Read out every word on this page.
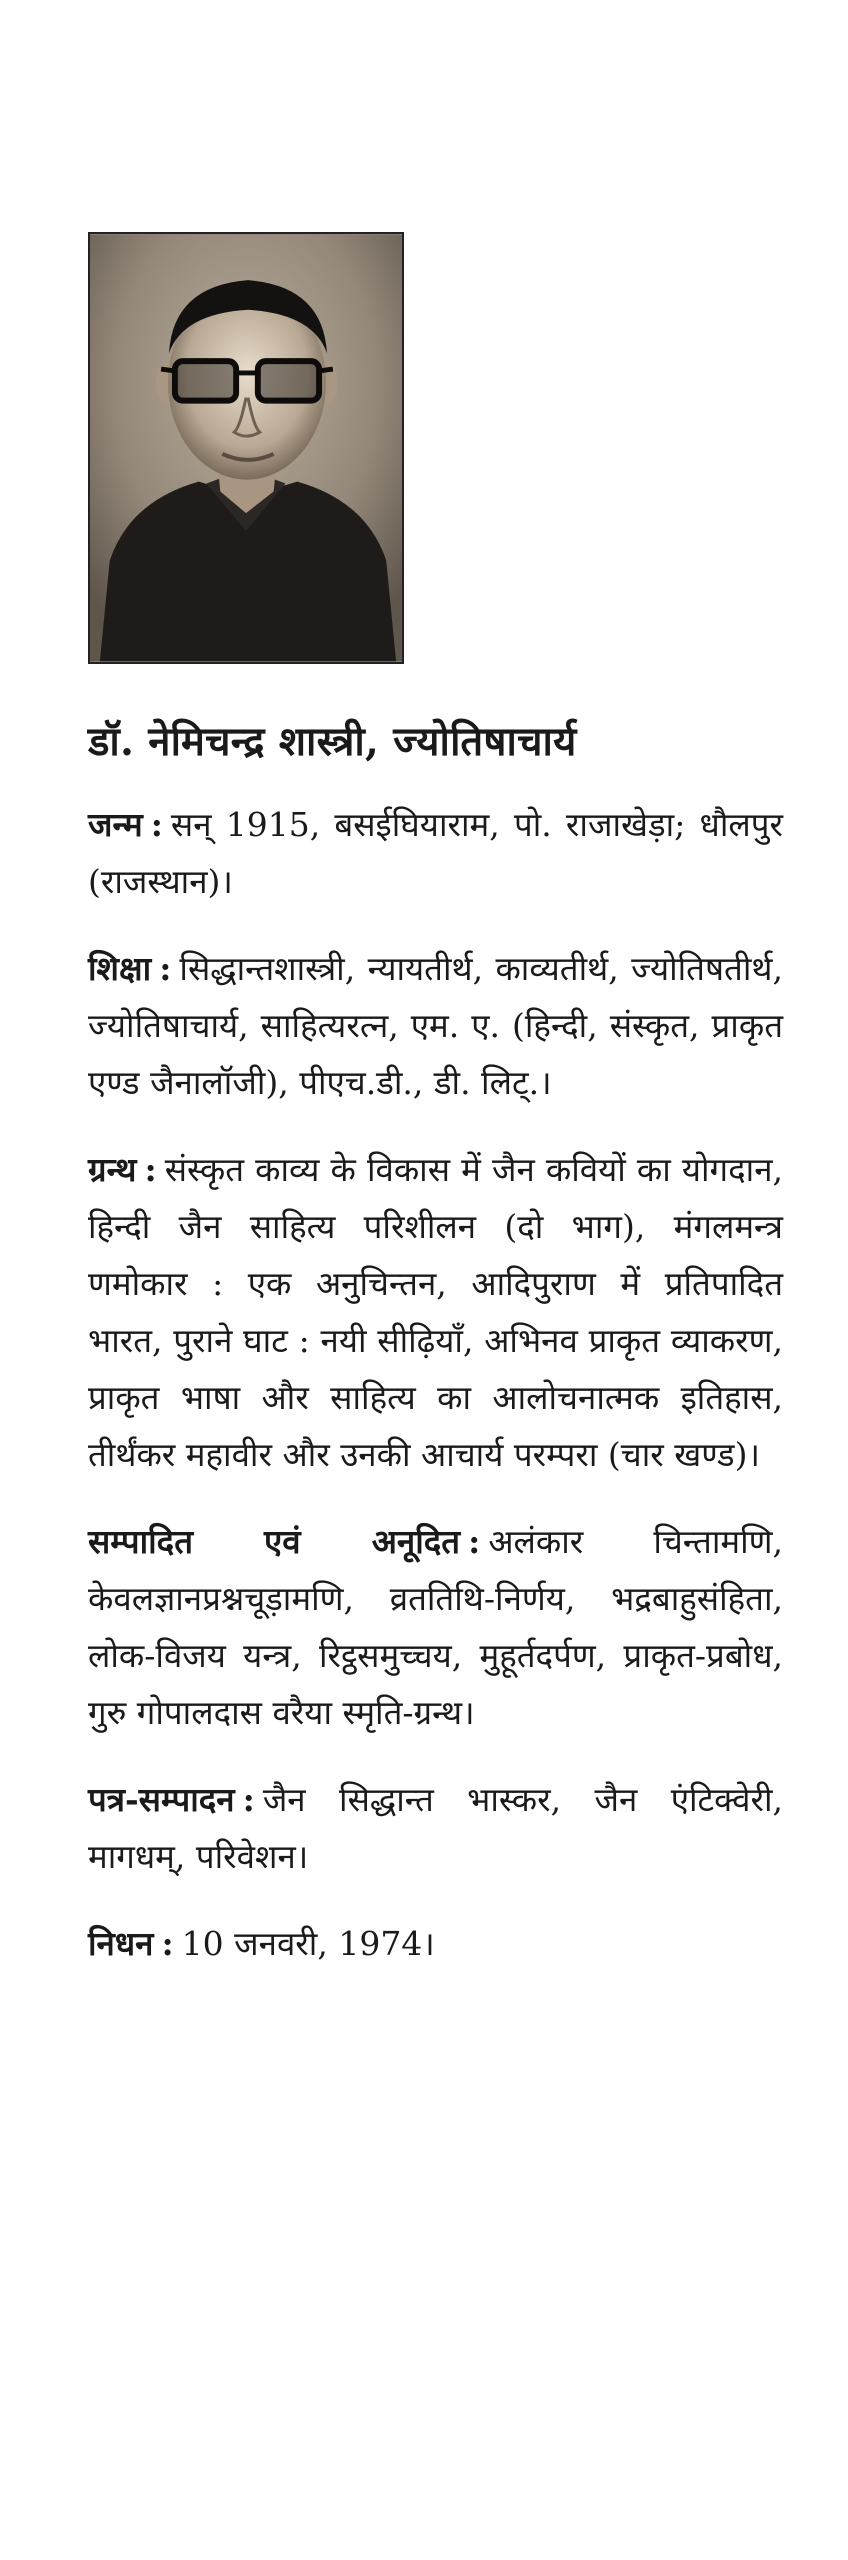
डॉ. नेमिचन्द्र शास्त्री, ज्योतिषाचार्य

जन्म : सन् 1915, बसईघियाराम, पो. राजाखेड़ा; धौलपुर (राजस्थान)।

शिक्षा : सिद्धान्तशास्त्री, न्यायतीर्थ, काव्यतीर्थ, ज्योतिषतीर्थ, ज्योतिषाचार्य, साहित्यरत्न, एम. ए. (हिन्दी, संस्कृत, प्राकृत एण्ड जैनालॉजी), पीएच.डी., डी. लिट्.।

ग्रन्थ : संस्कृत काव्य के विकास में जैन कवियों का योगदान, हिन्दी जैन साहित्य परिशीलन (दो भाग), मंगलमन्त्र णमोकार : एक अनुचिन्तन, आदिपुराण में प्रतिपादित भारत, पुराने घाट : नयी सीढ़ियाँ, अभिनव प्राकृत व्याकरण, प्राकृत भाषा और साहित्य का आलोचनात्मक इतिहास, तीर्थंकर महावीर और उनकी आचार्य परम्परा (चार खण्ड)।

सम्पादित एवं अनूदित : अलंकार चिन्तामणि, केवलज्ञानप्रश्नचूड़ामणि, व्रततिथि-निर्णय, भद्रबाहुसंहिता, लोक-विजय यन्त्र, रिट्ठसमुच्चय, मुहूर्तदर्पण, प्राकृत-प्रबोध, गुरु गोपालदास वरैया स्मृति-ग्रन्थ।

पत्र-सम्पादन : जैन सिद्धान्त भास्कर, जैन एंटिक्वेरी, मागधम्, परिवेशन।

निधन : 10 जनवरी, 1974।
